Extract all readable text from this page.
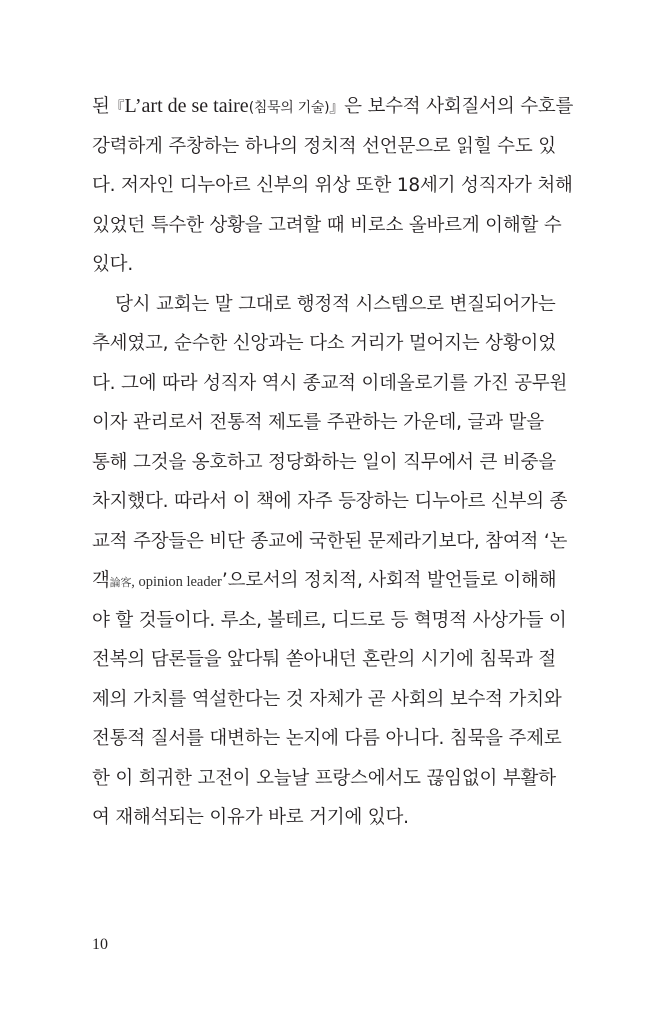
된『L’art de se taire(침묵의 기술)』은 보수적 사회질서의 수호를
강력하게 주창하는 하나의 정치적 선언문으로 읽힐 수도 있
다. 저자인 디누아르 신부의 위상 또한 18세기 성직자가 처해
있었던 특수한 상황을 고려할 때 비로소 올바르게 이해할 수
있다.
당시 교회는 말 그대로 행정적 시스템으로 변질되어가는
추세였고, 순수한 신앙과는 다소 거리가 멀어지는 상황이었
다. 그에 따라 성직자 역시 종교적 이데올로기를 가진 공무원
이자 관리로서 전통적 제도를 주관하는 가운데, 글과 말을
통해 그것을 옹호하고 정당화하는 일이 직무에서 큰 비중을
차지했다. 따라서 이 책에 자주 등장하는 디누아르 신부의 종
교적 주장들은 비단 종교에 국한된 문제라기보다, 참여적 ‘논
객論客, opinion leader’으로서의 정치적, 사회적 발언들로 이해해
야 할 것들이다. 루소, 볼테르, 디드로 등 혁명적 사상가들 이
전복의 담론들을 앞다퉈 쏟아내던 혼란의 시기에 침묵과 절
제의 가치를 역설한다는 것 자체가 곧 사회의 보수적 가치와
전통적 질서를 대변하는 논지에 다름 아니다. 침묵을 주제로
한 이 희귀한 고전이 오늘날 프랑스에서도 끊임없이 부활하
여 재해석되는 이유가 바로 거기에 있다.
10
